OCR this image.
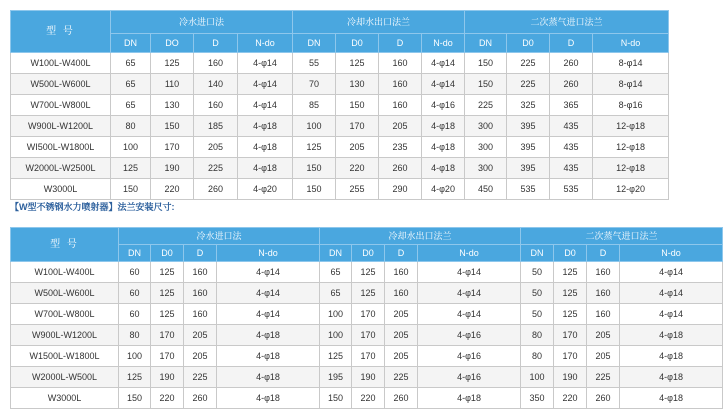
型 号	冷水进口法				冷却水出口法兰				二次蒸气进口法兰			
	DN	DO	D	N-do	DN	D0	D	N-do	DN	D0	D	N-do
W100L-W400L	65	125	160	4-φ14	55	125	160	4-φ14	150	225	260	8-φ14
W500L-W600L	65	110	140	4-φ14	70	130	160	4-φ14	150	225	260	8-φ14
W700L-W800L	65	130	160	4-φ14	85	150	160	4-φ16	225	325	365	8-φ16
W900L-W1200L	80	150	185	4-φ18	100	170	205	4-φ18	300	395	435	12-φ18
WI500L-W1800L	100	170	205	4-φ18	125	205	235	4-φ18	300	395	435	12-φ18
W2000L-W2500L	125	190	225	4-φ18	150	220	260	4-φ18	300	395	435	12-φ18
W3000L	150	220	260	4-φ20	150	255	290	4-φ20	450	535	535	12-φ20
【W型不锈钢水力喷射器】法兰安装尺寸:
型 号	冷水进口法				冷却水出口法兰				二次蒸气进口法兰			
	DN	D0	D	N-do	DN	D0	D	N-do	DN	D0	D	N-do
W100L-W400L	60	125	160	4-φ14	65	125	160	4-φ14	50	125	160	4-φ14
W500L-W600L	60	125	160	4-φ14	65	125	160	4-φ14	50	125	160	4-φ14
W700L-W800L	60	125	160	4-φ14	100	170	205	4-φ14	50	125	160	4-φ14
W900L-W1200L	80	170	205	4-φ18	100	170	205	4-φ16	80	170	205	4-φ18
W1500L-W1800L	100	170	205	4-φ18	125	170	205	4-φ16	80	170	205	4-φ18
W2000L-W500L	125	190	225	4-φ18	195	190	225	4-φ16	100	190	225	4-φ18
W3000L	150	220	260	4-φ18	150	220	260	4-φ18	350	220	260	4-φ18
